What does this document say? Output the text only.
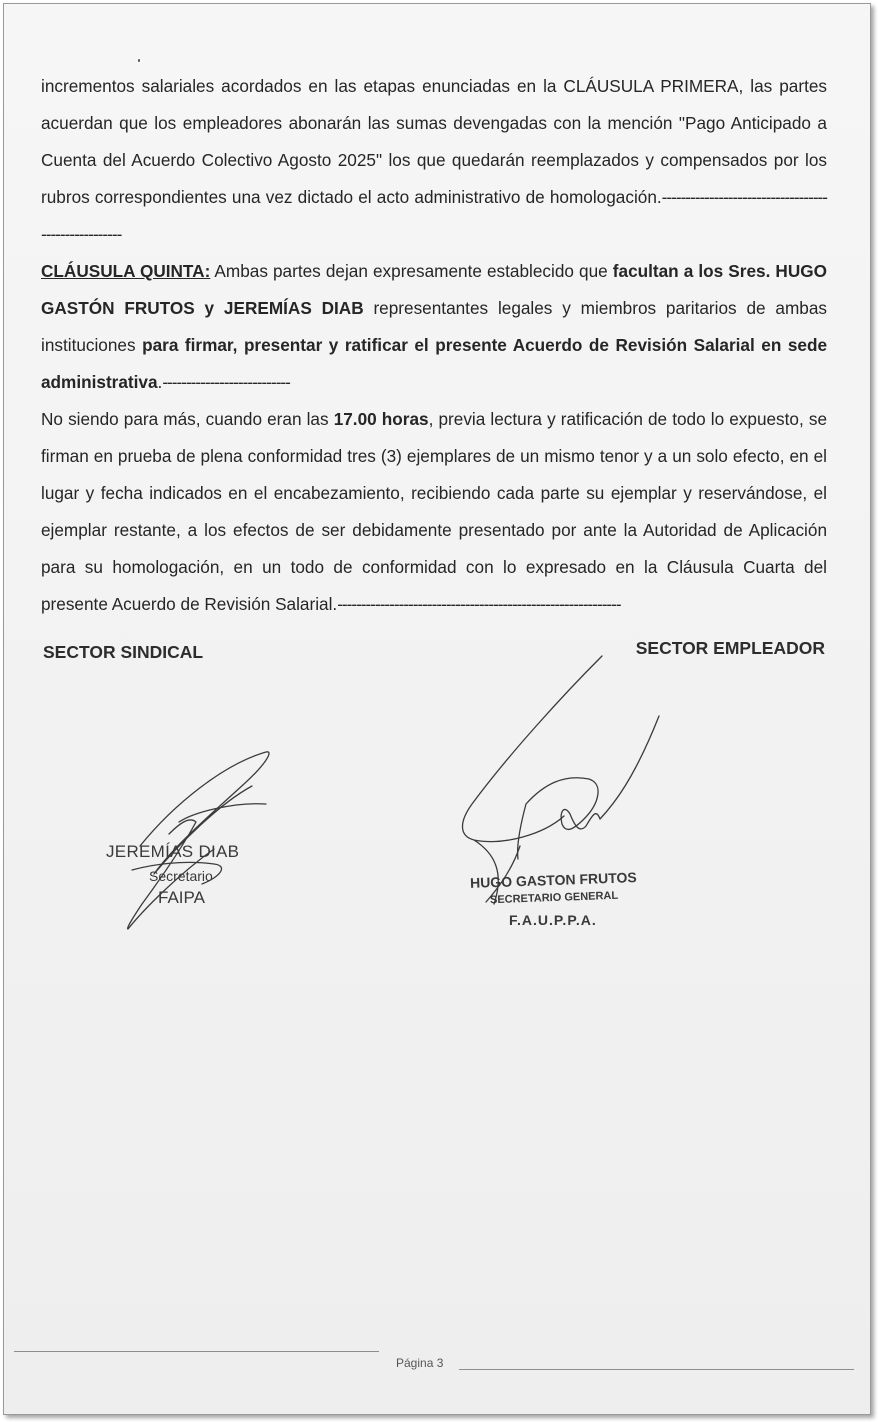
incrementos salariales acordados en las etapas enunciadas en la CLÁUSULA PRIMERA, las partes acuerdan que los empleadores abonarán las sumas devengadas con la mención "Pago Anticipado a Cuenta del Acuerdo Colectivo Agosto 2025" los que quedarán reemplazados y compensados por los rubros correspondientes una vez dictado el acto administrativo de homologación.----------------------------------------------------

CLÁUSULA QUINTA: Ambas partes dejan expresamente establecido que facultan a los Sres. HUGO GASTÓN FRUTOS y JEREMÍAS DIAB representantes legales y miembros paritarios de ambas instituciones para firmar, presentar y ratificar el presente Acuerdo de Revisión Salarial en sede administrativa.---------------------------

No siendo para más, cuando eran las 17.00 horas, previa lectura y ratificación de todo lo expuesto, se firman en prueba de plena conformidad tres (3) ejemplares de un mismo tenor y a un solo efecto, en el lugar y fecha indicados en el encabezamiento, recibiendo cada parte su ejemplar y reservándose, el ejemplar restante, a los efectos de ser debidamente presentado por ante la Autoridad de Aplicación para su homologación, en un todo de conformidad con lo expresado en la Cláusula Cuarta del presente Acuerdo de Revisión Salarial.------------------------------------------------------------

SECTOR SINDICAL	SECTOR EMPLEADOR
JEREMÍAS DIAB
Secretario
FAIPA
HUGO GASTON FRUTOS
SECRETARIO GENERAL
F.A.U.P.P.A.
Página 3
